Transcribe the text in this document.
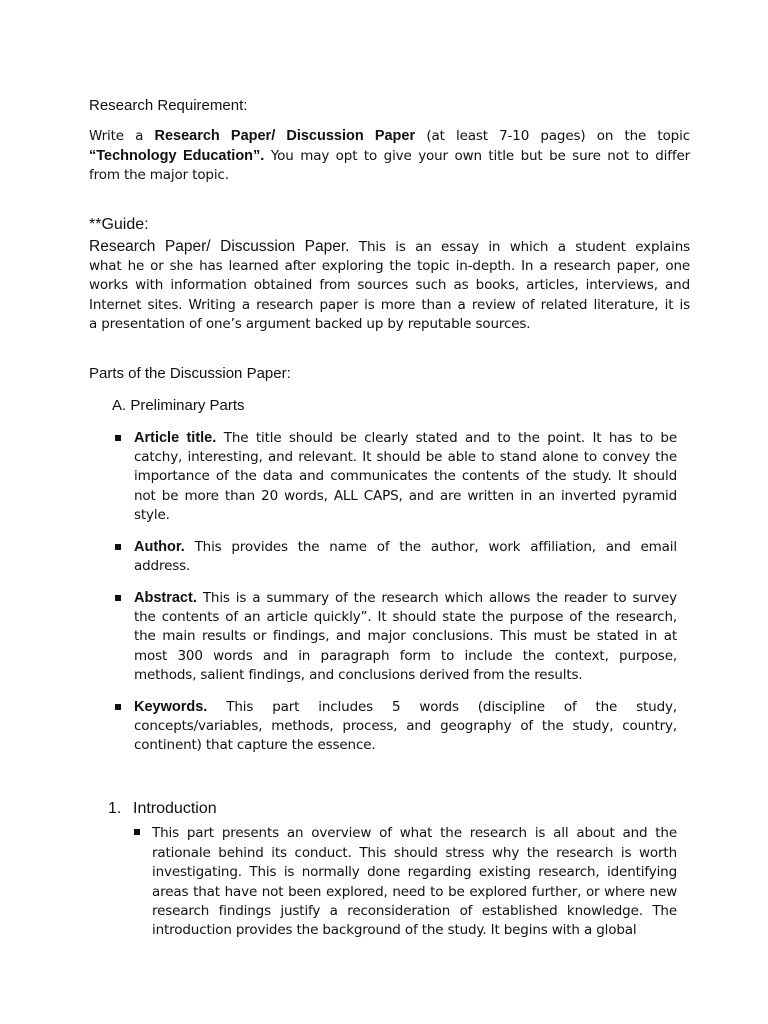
Research Requirement:
Write a Research Paper/ Discussion Paper (at least 7-10 pages) on the topic
“Technology Education”. You may opt to give your own title but be sure not to differ
from the major topic.
**Guide:
Research Paper/ Discussion Paper. This is an essay in which a student explains
what he or she has learned after exploring the topic in-depth. In a research paper, one
works with information obtained from sources such as books, articles, interviews, and
Internet sites. Writing a research paper is more than a review of related literature, it is
a presentation of one’s argument backed up by reputable sources.
Parts of the Discussion Paper:
A. Preliminary Parts
Article title. The title should be clearly stated and to the point. It has to be
catchy, interesting, and relevant. It should be able to stand alone to convey the
importance of the data and communicates the contents of the study. It should
not be more than 20 words, ALL CAPS, and are written in an inverted pyramid
style.
Author. This provides the name of the author, work affiliation, and email
address.
Abstract. This is a summary of the research which allows the reader to survey
the contents of an article quickly”. It should state the purpose of the research,
the main results or findings, and major conclusions. This must be stated in at
most 300 words and in paragraph form to include the context, purpose,
methods, salient findings, and conclusions derived from the results.
Keywords. This part includes 5 words (discipline of the study,
concepts/variables, methods, process, and geography of the study, country,
continent) that capture the essence.
1. Introduction
This part presents an overview of what the research is all about and the
rationale behind its conduct. This should stress why the research is worth
investigating. This is normally done regarding existing research, identifying
areas that have not been explored, need to be explored further, or where new
research findings justify a reconsideration of established knowledge. The
introduction provides the background of the study. It begins with a global
